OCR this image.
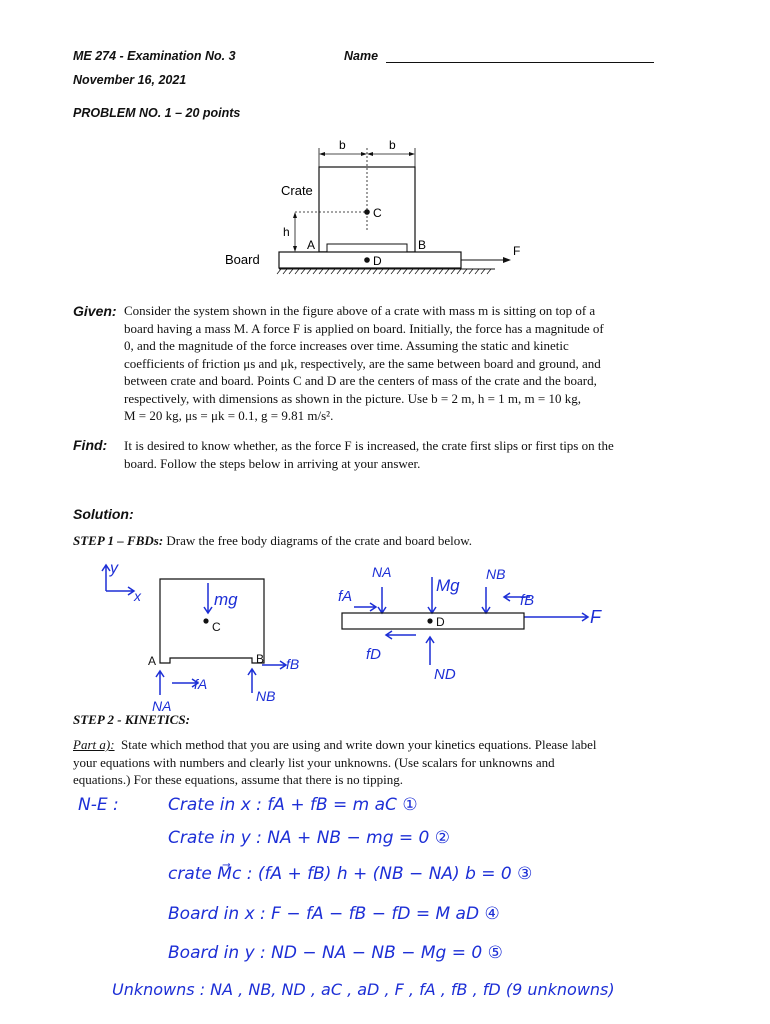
ME 274 - Examination No. 3	Name
November 16, 2021
PROBLEM NO. 1 – 20 points
b	b
Crate
C
h
A	B
D
Board
F
Given: Consider the system shown in the figure above of a crate with mass m is sitting on top of a
board having a mass M. A force F is applied on board. Initially, the force has a magnitude of
0, and the magnitude of the force increases over time. Assuming the static and kinetic
coefficients of friction μs and μk, respectively, are the same between board and ground, and
between crate and board. Points C and D are the centers of mass of the crate and the board,
respectively, with dimensions as shown in the picture. Use b = 2 m, h = 1 m, m = 10 kg,
M = 20 kg, μs = μk = 0.1, g = 9.81 m/s².
Find: It is desired to know whether, as the force F is increased, the crate first slips or first tips on the
board. Follow the steps below in arriving at your answer.
Solution:
STEP 1 – FBDs: Draw the free body diagrams of the crate and board below.
C
A	B
D
y
x	mg
fA
fB
NA
NB
NA
Mg
NB
fA	fB
F
fD
ND
STEP 2 - KINETICS:
Part a): State which method that you are using and write down your kinetics equations. Please label
your equations with numbers and clearly list your unknowns. (Use scalars for unknowns and
equations.) For these equations, assume that there is no tipping.
N-E :	Crate in x : fA + fB = m aC ①
Crate in y : NA + NB − mg = 0 ②
crate M⃗c : (fA + fB) h + (NB − NA) b = 0 ③
Board in x : F − fA − fB − fD = M aD ④
Board in y : ND − NA − NB − Mg = 0 ⑤
Unknowns : NA , NB, ND , aC , aD , F , fA , fB , fD (9 unknowns)
